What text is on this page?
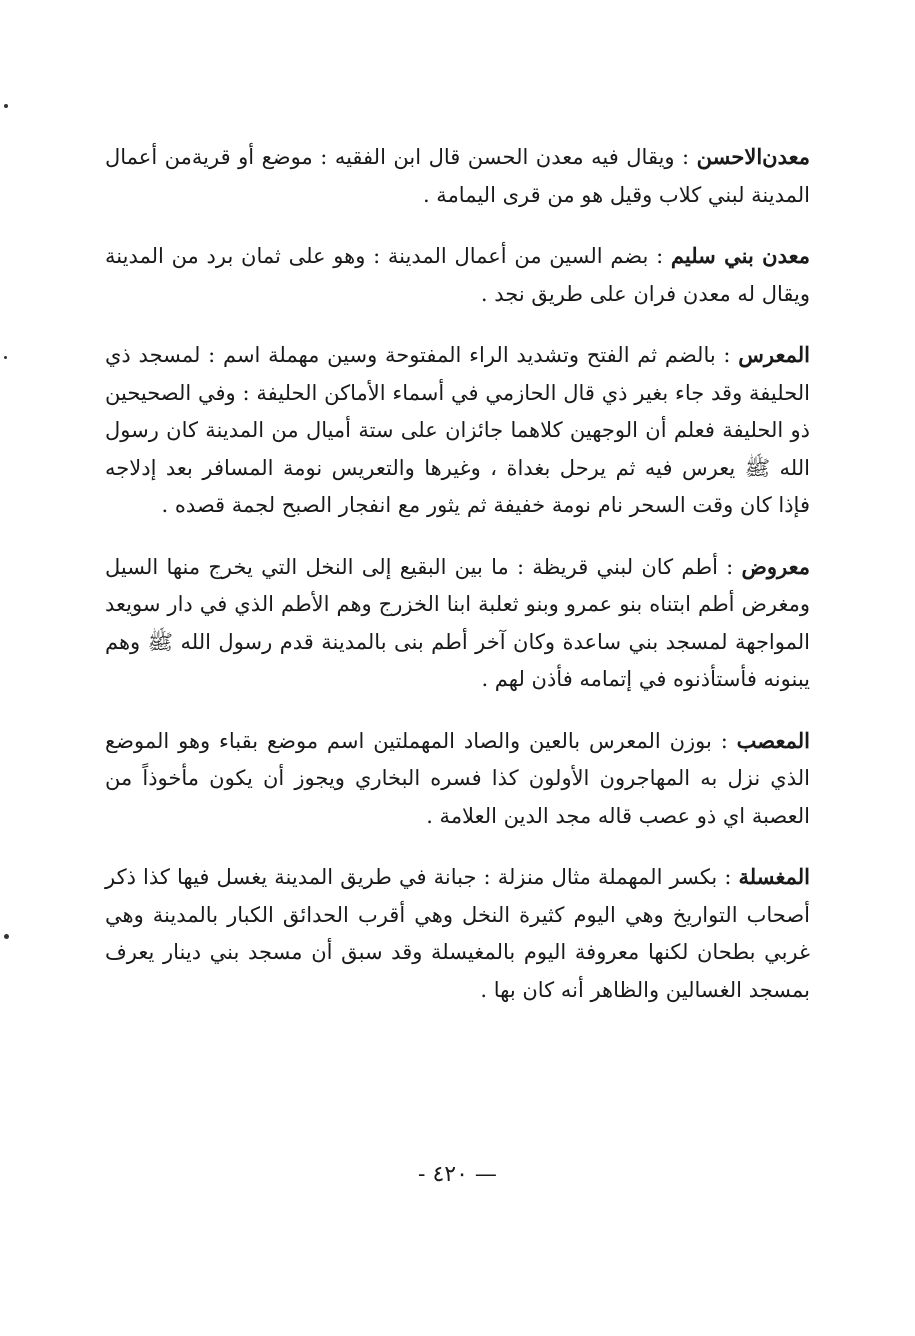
معدن‌الاحسن : ويقال فيه معدن الحسن قال ابن الفقيه : موضع أو قرية‌من أعمال المدينة لبني كلاب وقيل هو من قرى اليمامة .

معدن بني سليم : بضم السين من أعمال المدينة : وهو على ثمان برد من المدينة ويقال له معدن فران على طريق نجد .

المعرس : بالضم ثم الفتح وتشديد الراء المفتوحة وسين مهملة اسم : لمسجد ذي الحليفة وقد جاء بغير ذي قال الحازمي في أسماء الأماكن الحليفة : وفي الصحيحين ذو الحليفة فعلم أن الوجهين كلاهما جائزان على ستة أميال من المدينة كان رسول الله ﷺ يعرس فيه ثم يرحل بغداة ، وغيرها والتعريس نومة المسافر بعد إدلاجه فإذا كان وقت السحر نام نومة خفيفة ثم يثور مع انفجار الصبح لجمة قصده .

معروض : أطم كان لبني قريظة : ما بين البقيع إلى النخل التي يخرج منها السيل ومغرض أطم ابتناه بنو عمرو وبنو ثعلبة ابنا الخزرج وهم الأطم الذي في دار سويعد المواجهة لمسجد بني ساعدة وكان آخر أطم بنى بالمدينة قدم رسول الله ﷺ وهم يبنونه فأستأذنوه في إتمامه فأذن لهم .

المعصب : بوزن المعرس بالعين والصاد المهملتين اسم موضع بقباء وهو الموضع الذي نزل به المهاجرون الأولون كذا فسره البخاري ويجوز أن يكون مأخوذاً من العصبة اي ذو عصب قاله مجد الدين العلامة .

المغسلة : بكسر المهملة مثال منزلة : جبانة في طريق المدينة يغسل فيها كذا ذكر أصحاب التواريخ وهي اليوم كثيرة النخل وهي أقرب الحدائق الكبار بالمدينة وهي غربي بطحان لكنها معروفة اليوم بالمغيسلة وقد سبق أن مسجد بني دينار يعرف بمسجد الغسالين والظاهر أنه كان بها .

— ٤٢٠ -
